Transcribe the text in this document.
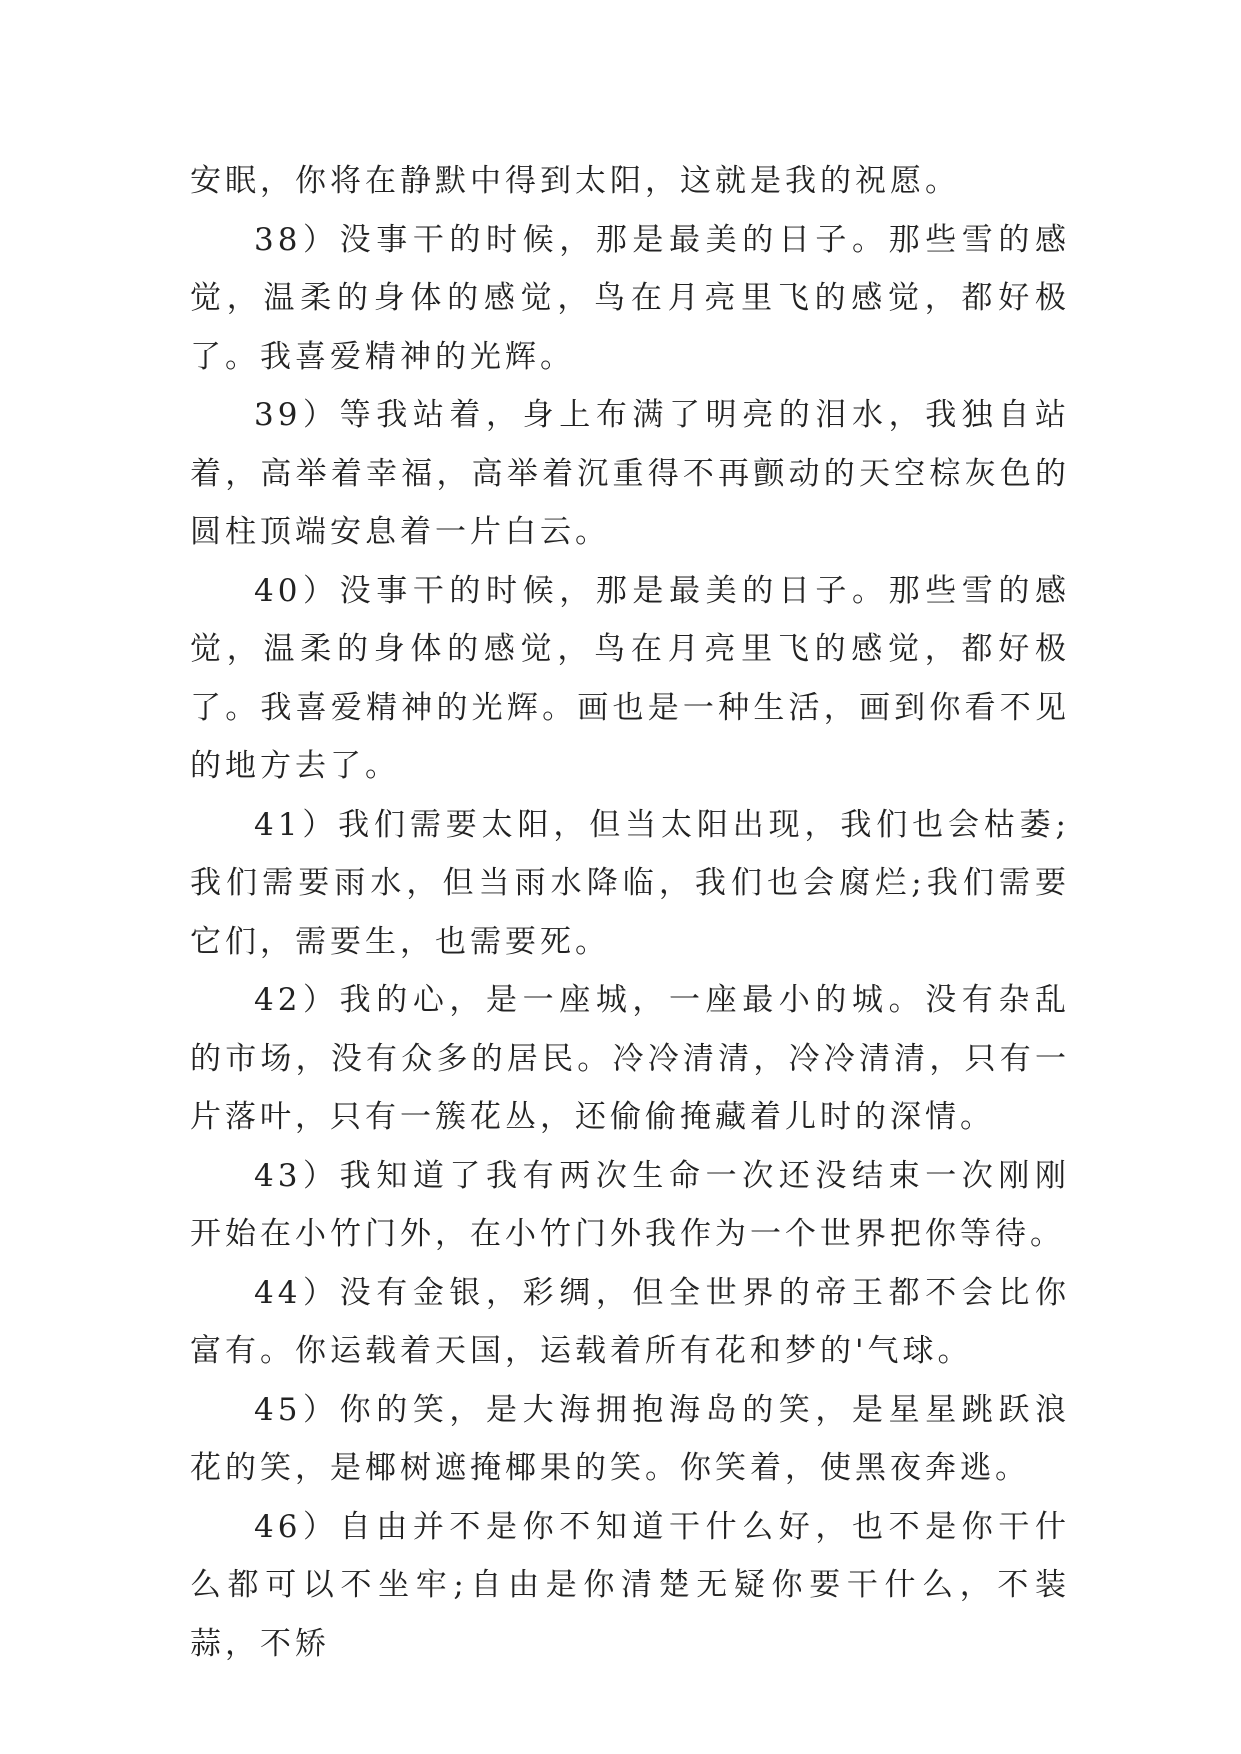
安眠，你将在静默中得到太阳，这就是我的祝愿。

38）没事干的时候，那是最美的日子。那些雪的感觉，温柔的身体的感觉，鸟在月亮里飞的感觉，都好极了。我喜爱精神的光辉。

39）等我站着，身上布满了明亮的泪水，我独自站着，高举着幸福，高举着沉重得不再颤动的天空棕灰色的圆柱顶端安息着一片白云。

40）没事干的时候，那是最美的日子。那些雪的感觉，温柔的身体的感觉，鸟在月亮里飞的感觉，都好极了。我喜爱精神的光辉。画也是一种生活，画到你看不见的地方去了。

41）我们需要太阳，但当太阳出现，我们也会枯萎;我们需要雨水，但当雨水降临，我们也会腐烂;我们需要它们，需要生，也需要死。

42）我的心，是一座城，一座最小的城。没有杂乱的市场，没有众多的居民。冷冷清清，冷冷清清，只有一片落叶，只有一簇花丛，还偷偷掩藏着儿时的深情。

43）我知道了我有两次生命一次还没结束一次刚刚开始在小竹门外，在小竹门外我作为一个世界把你等待。

44）没有金银，彩绸，但全世界的帝王都不会比你富有。你运载着天国，运载着所有花和梦的'气球。

45）你的笑，是大海拥抱海岛的笑，是星星跳跃浪花的笑，是椰树遮掩椰果的笑。你笑着，使黑夜奔逃。

46）自由并不是你不知道干什么好，也不是你干什么都可以不坐牢;自由是你清楚无疑你要干什么，不装蒜，不矫
